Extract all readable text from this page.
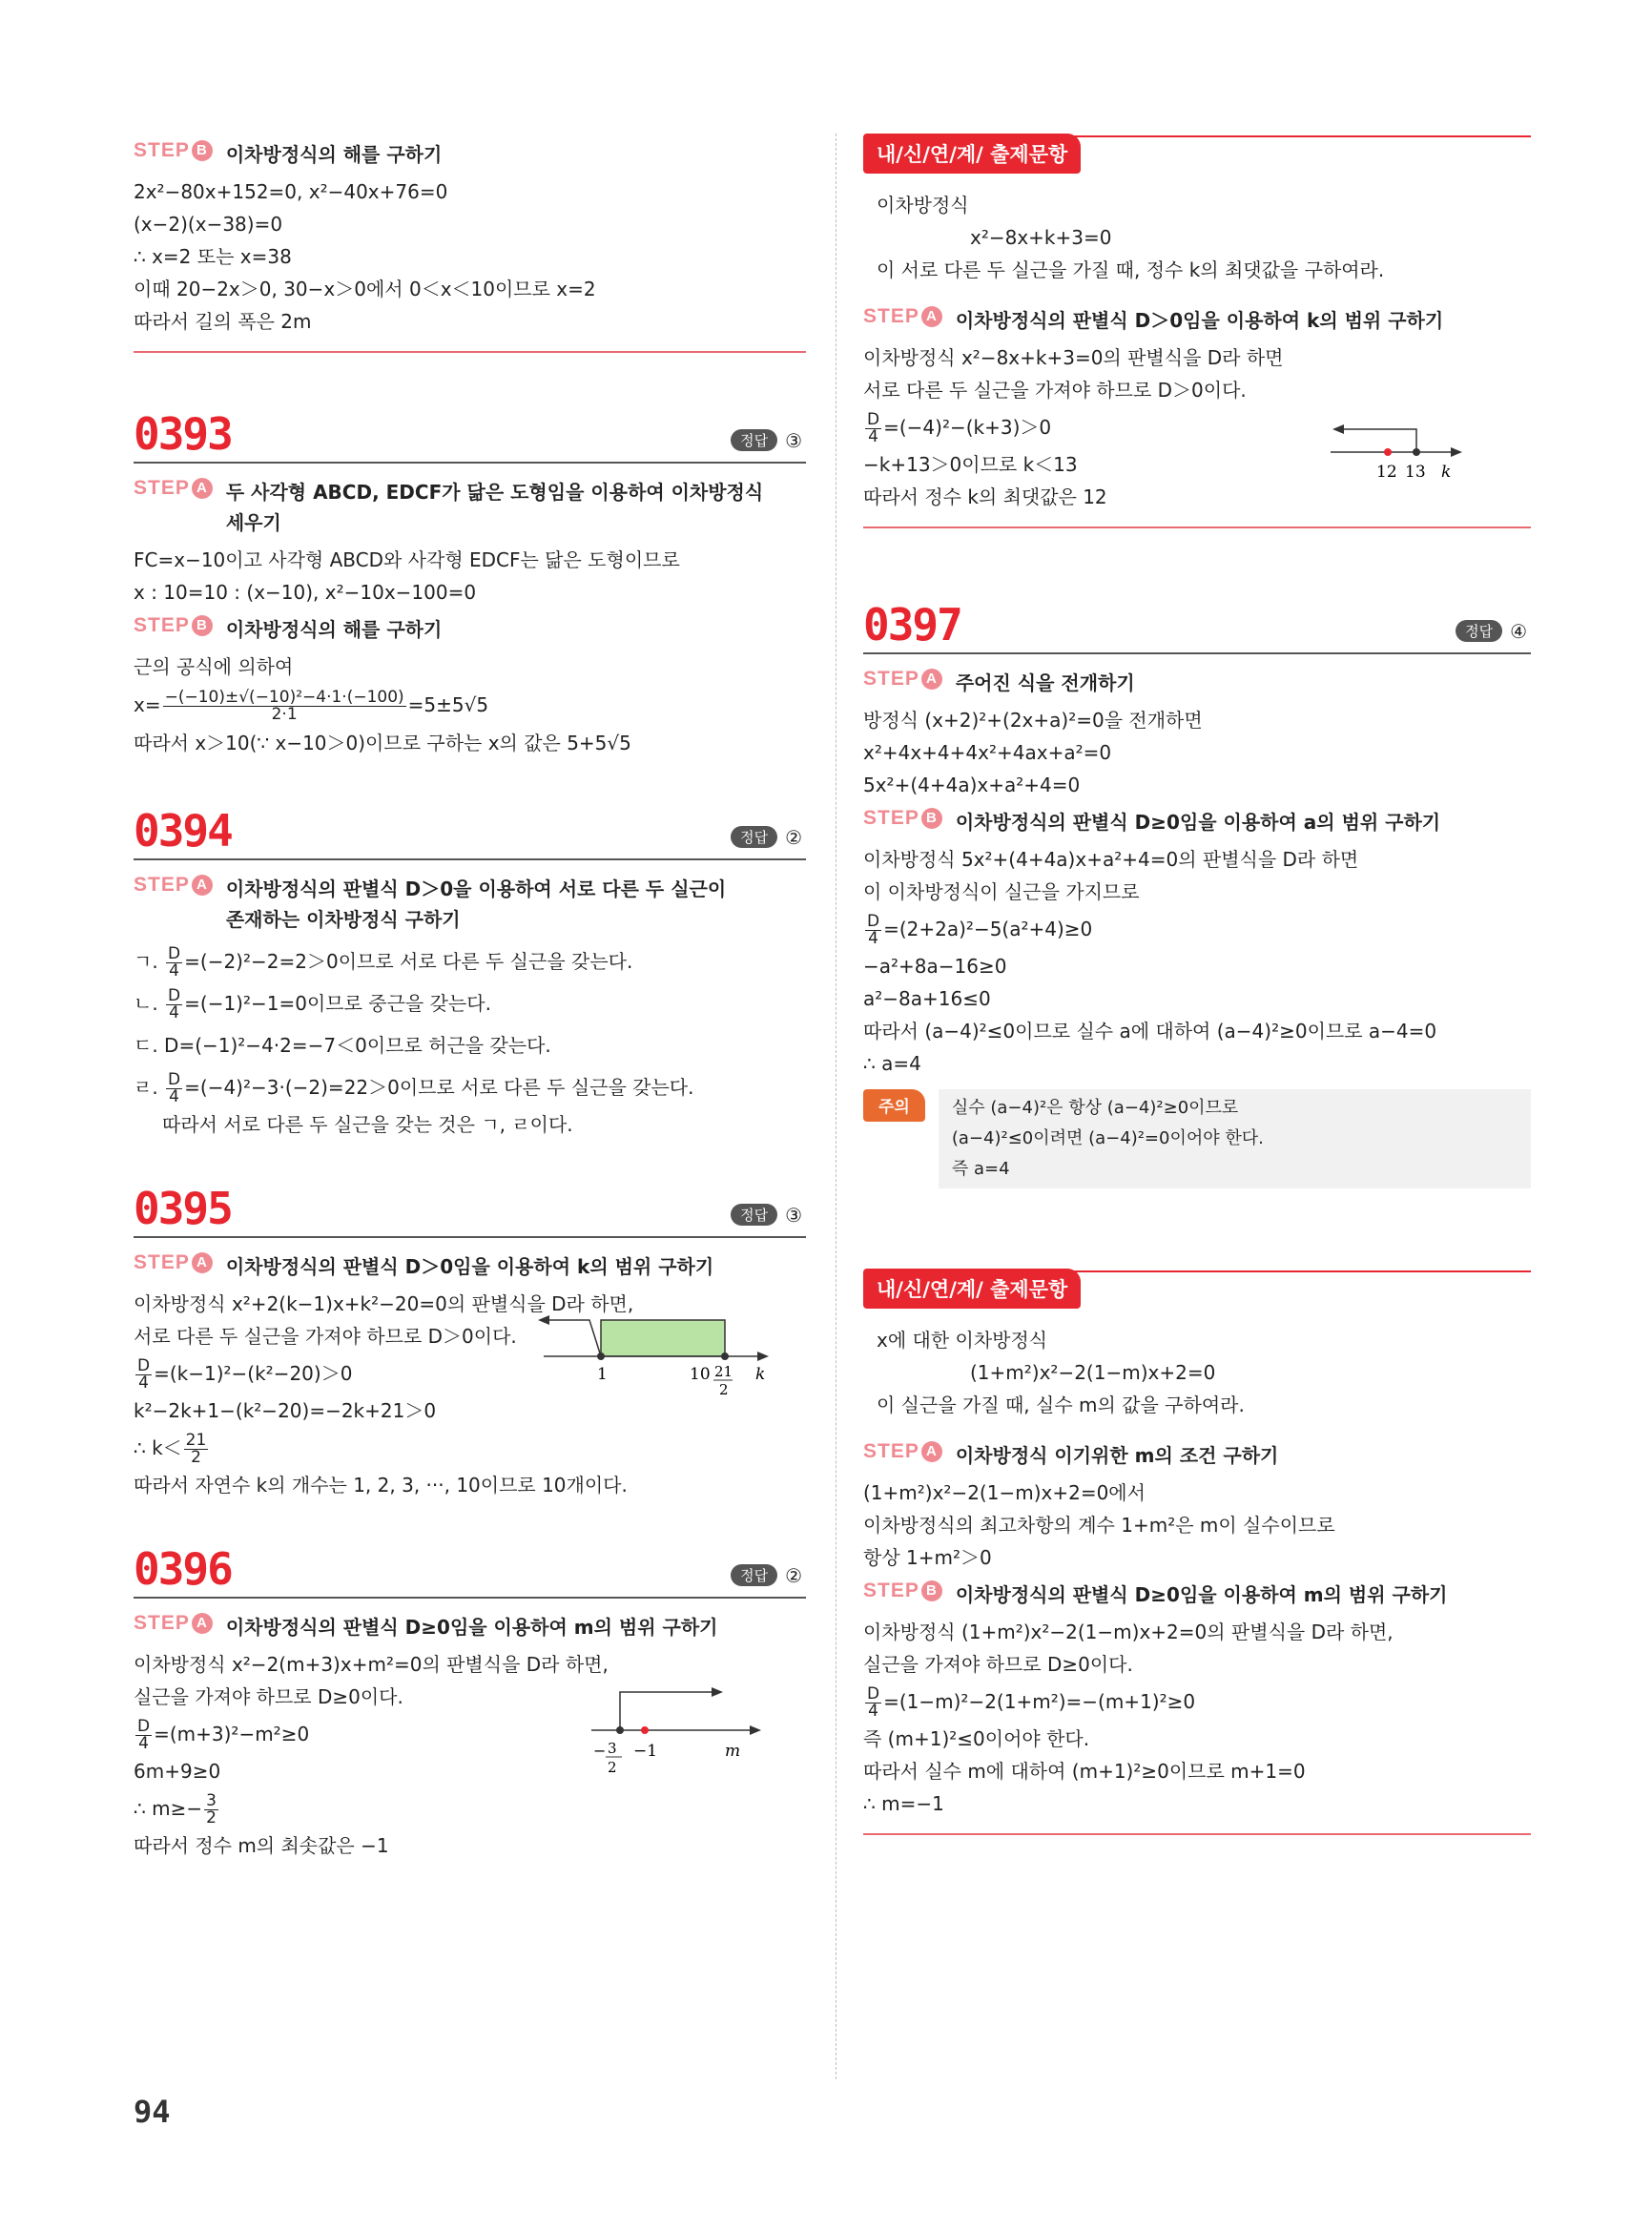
STEP B 이차방정식의 해를 구하기
2x²−80x+152=0, x²−40x+76=0
(x−2)(x−38)=0
∴ x=2 또는 x=38
이때 20−2x＞0, 30−x＞0에서 0＜x＜10이므로 x=2
따라서 길의 폭은 2m
0393	정답 ③
STEP A 두 사각형 ABCD, EDCF가 닮은 도형임을 이용하여 이차방정식
세우기
FC=x−10이고 사각형 ABCD와 사각형 EDCF는 닮은 도형이므로
x : 10=10 : (x−10), x²−10x−100=0
STEP B 이차방정식의 해를 구하기
근의 공식에 의하여
$x= \frac{\text{−(−10)±√(−10)²−4·1·(−100)}}{2\cdot 1} =5\pm 5√5$
따라서 x＞10(∵ x−10＞0)이므로 구하는 x의 값은 5+5√5
0394	정답 ②
STEP A 이차방정식의 판별식 D＞0을 이용하여 서로 다른 두 실근이
존재하는 이차방정식 구하기
ㄱ. $\frac{D}{4} =(-2)^2-2=2>0$이므로 서로 다른 두 실근을 갖는다.
ㄴ. $\frac{D}{4} =(-1)^2-1=0$이므로 중근을 갖는다.
ㄷ. D=(−1)²−4·2=−7＜0이므로 허근을 갖는다.
ㄹ. $\frac{D}{4} =(-4)^2-3\cdot(-2)=22>0$이므로 서로 다른 두 실근을 갖는다.
따라서 서로 다른 두 실근을 갖는 것은 ㄱ, ㄹ이다.
0395	정답 ③
STEP A 이차방정식의 판별식 D＞0임을 이용하여 k의 범위 구하기
이차방정식 x²+2(k−1)x+k²−20=0의 판별식을 D라 하면,
서로 다른 두 실근을 가져야 하므로 D＞0이다.
$\frac{D}{4} =(k-1)^2-(k^2-20)>0$
k²−2k+1−(k²−20)=−2k+21＞0
∴ $k< \frac{21}{2}$
따라서 자연수 k의 개수는 1, 2, 3, ···, 10이므로 10개이다.
1	10 21
2
k
0396	정답 ②
STEP A 이차방정식의 판별식 D≥0임을 이용하여 m의 범위 구하기
이차방정식 x²−2(m+3)x+m²=0의 판별식을 D라 하면,
실근을 가져야 하므로 D≥0이다.
$\frac{D}{4} =(m+3)^2-m^2\ge 0$
6m+9≥0
∴ $m\ge- \frac{3}{2}$
따라서 정수 m의 최솟값은 −1
− 3
2
−1	m
내/신/연/계/ 출제문항
이차방정식
x²−8x+k+3=0
이 서로 다른 두 실근을 가질 때, 정수 k의 최댓값을 구하여라.
STEP A 이차방정식의 판별식 D＞0임을 이용하여 k의 범위 구하기
이차방정식 x²−8x+k+3=0의 판별식을 D라 하면
서로 다른 두 실근을 가져야 하므로 D＞0이다.
$\frac{D}{4} =(-4)^2-(k+3)>0$
−k+13＞0이므로 k＜13
따라서 정수 k의 최댓값은 12
12 13 k
0397	정답 ④
STEP A 주어진 식을 전개하기
방정식 (x+2)²+(2x+a)²=0을 전개하면
x²+4x+4+4x²+4ax+a²=0
5x²+(4+4a)x+a²+4=0
STEP B 이차방정식의 판별식 D≥0임을 이용하여 a의 범위 구하기
이차방정식 5x²+(4+4a)x+a²+4=0의 판별식을 D라 하면
이 이차방정식이 실근을 가지므로
$\frac{D}{4} =(2+2a)^2-5(a^2+4)\ge 0$
−a²+8a−16≥0
a²−8a+16≤0
따라서 (a−4)²≤0이므로 실수 a에 대하여 (a−4)²≥0이므로 a−4=0
∴ a=4
주의	실수 (a−4)²은 항상 (a−4)²≥0이므로
(a−4)²≤0이려면 (a−4)²=0이어야 한다.
즉 a=4
내/신/연/계/ 출제문항
x에 대한 이차방정식
(1+m²)x²−2(1−m)x+2=0
이 실근을 가질 때, 실수 m의 값을 구하여라.
STEP A 이차방정식 이기위한 m의 조건 구하기
(1+m²)x²−2(1−m)x+2=0에서
이차방정식의 최고차항의 계수 1+m²은 m이 실수이므로
항상 1+m²＞0
STEP B 이차방정식의 판별식 D≥0임을 이용하여 m의 범위 구하기
이차방정식 (1+m²)x²−2(1−m)x+2=0의 판별식을 D라 하면,
실근을 가져야 하므로 D≥0이다.
$\frac{D}{4} =(1-m)^2-2(1+m^2)=-(m+1)^2\ge 0$
즉 (m+1)²≤0이어야 한다.
따라서 실수 m에 대하여 (m+1)²≥0이므로 m+1=0
∴ m=−1
94
